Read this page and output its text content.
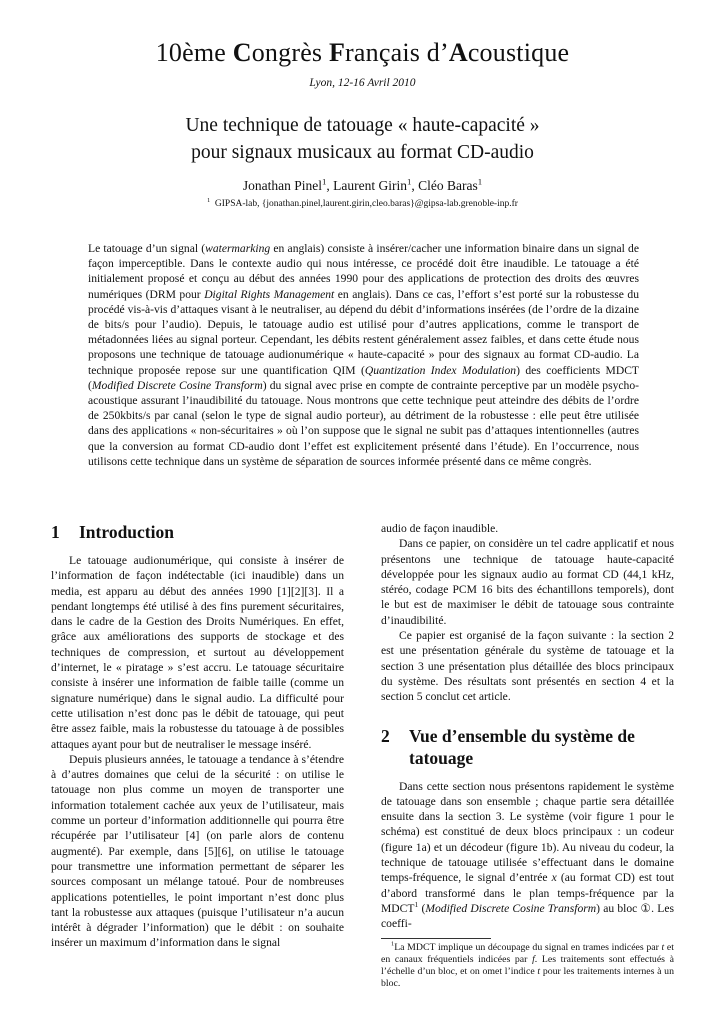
10ème Congrès Français d’Acoustique
Lyon, 12-16 Avril 2010
Une technique de tatouage « haute-capacité »
pour signaux musicaux au format CD-audio
Jonathan Pinel$^1$, Laurent Girin$^1$, Cléo Baras$^1$
$^1$ GIPSA-lab, {jonathan.pinel,laurent.girin,cleo.baras}@gipsa-lab.grenoble-inp.fr
Le tatouage d’un signal (watermarking en anglais) consiste à insérer/cacher une information binaire dans un signal de façon imperceptible. Dans le contexte audio qui nous intéresse, ce procédé doit être inaudible. Le tatouage a été initialement proposé et conçu au début des années 1990 pour des applications de protection des droits des œuvres numériques (DRM pour Digital Rights Management en anglais). Dans ce cas, l’effort s’est porté sur la robustesse du procédé vis-à-vis d’attaques visant à le neutraliser, au dépend du débit d’informations insérées (de l’ordre de la dizaine de bits/s pour l’audio). Depuis, le tatouage audio est utilisé pour d’autres applications, comme le transport de métadonnées liées au signal porteur. Cependant, les débits restent généralement assez faibles, et dans cette étude nous proposons une technique de tatouage audionumérique « haute-capacité » pour des signaux au format CD-audio. La technique proposée repose sur une quantification QIM (Quantization Index Modulation) des coefficients MDCT (Modified Discrete Cosine Transform) du signal avec prise en compte de contrainte perceptive par un modèle psycho-acoustique assurant l’inaudibilité du tatouage. Nous montrons que cette technique peut atteindre des débits de l’ordre de 250kbits/s par canal (selon le type de signal audio porteur), au détriment de la robustesse : elle peut être utilisée dans des applications « non-sécuritaires » où l’on suppose que le signal ne subit pas d’attaques intentionnelles (autres que la conversion au format CD-audio dont l’effet est explicitement présenté dans l’étude). En l’occurrence, nous utilisons cette technique dans un système de séparation de sources informée présenté dans ce même congrès.
1	Introduction

Le tatouage audionumérique, qui consiste à insérer de l’information de façon indétectable (ici inaudible) dans un media, est apparu au début des années 1990 [1][2][3]. Il a pendant longtemps été utilisé à des fins purement sécuritaires, dans le cadre de la Gestion des Droits Numériques. En effet, grâce aux améliorations des supports de stockage et des techniques de compression, et surtout au développement d’internet, le « piratage » s’est accru. Le tatouage sécuritaire consiste à insérer une information de faible taille (comme un signature numérique) dans le signal audio. La difficulté pour cette utilisation n’est donc pas le débit de tatouage, qui peut être assez faible, mais la robustesse du tatouage à de possibles attaques ayant pour but de neutraliser le message inséré.

Depuis plusieurs années, le tatouage a tendance à s’étendre à d’autres domaines que celui de la sécurité : on utilise le tatouage non plus comme un moyen de transporter une information totalement cachée aux yeux de l’utilisateur, mais comme un porteur d’information additionnelle qui pourra être récupérée par l’utilisateur [4] (on parle alors de contenu augmenté). Par exemple, dans [5][6], on utilise le tatouage pour transmettre une information permettant de séparer les sources composant un mélange tatoué. Pour de nombreuses applications potentielles, le point important n’est donc plus tant la robustesse aux attaques (puisque l’utilisateur n’a aucun intérêt à dégrader l’information) que le débit : on souhaite insérer un maximum d’information dans le signal

audio de façon inaudible.

Dans ce papier, on considère un tel cadre applicatif et nous présentons une technique de tatouage haute-capacité développée pour les signaux audio au format CD (44,1 kHz, stéréo, codage PCM 16 bits des échantillons temporels), dont le but est de maximiser le débit de tatouage sous contrainte d’inaudibilité.

Ce papier est organisé de la façon suivante : la section 2 est une présentation générale du système de tatouage et la section 3 une présentation plus détaillée des blocs principaux du système. Des résultats sont présentés en section 4 et la section 5 conclut cet article.

2	Vue d’ensemble du système de tatouage

Dans cette section nous présentons rapidement le système de tatouage dans son ensemble ; chaque partie sera détaillée ensuite dans la section 3. Le système (voir figure 1 pour le schéma) est constitué de deux blocs principaux : un codeur (figure 1a) et un décodeur (figure 1b). Au niveau du codeur, la technique de tatouage utilisée s’effectuant dans le domaine temps-fréquence, le signal d’entrée x (au format CD) est tout d’abord transformé dans le plan temps-fréquence par la MDCT$^1$ (Modified Discrete Cosine Transform) au bloc ①. Les coeffi-

$^1$La MDCT implique un découpage du signal en trames indicées par t et en canaux fréquentiels indicées par f. Les traitements sont effectués à l’échelle d’un bloc, et on omet l’indice t pour les traitements internes à un bloc.
